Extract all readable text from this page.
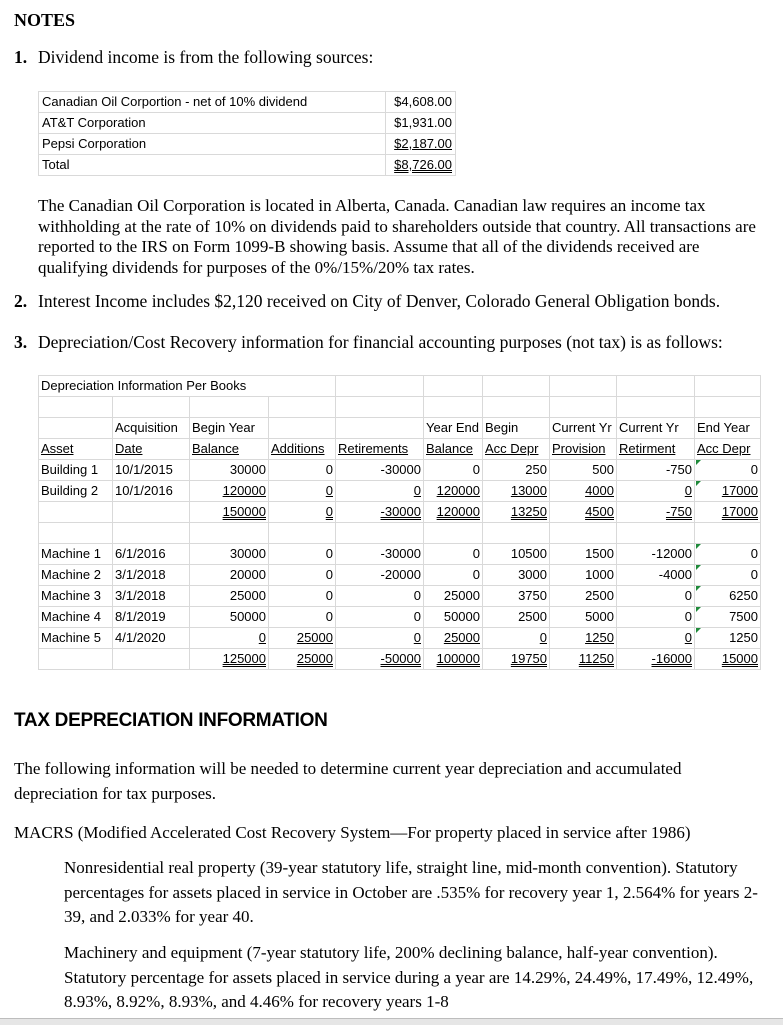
NOTES
1. Dividend income is from the following sources:
Canadian Oil Corportion - net of 10% dividend	$4,608.00
AT&T Corporation	$1,931.00
Pepsi Corporation	$2,187.00
Total	$8,726.00
The Canadian Oil Corporation is located in Alberta, Canada. Canadian law requires an income tax withholding at the rate of 10% on dividends paid to shareholders outside that country. All transactions are reported to the IRS on Form 1099-B showing basis. Assume that all of the dividends received are qualifying dividends for purposes of the 0%/15%/20% tax rates.
2. Interest Income includes $2,120 received on City of Denver, Colorado General Obligation bonds.
3. Depreciation/Cost Recovery information for financial accounting purposes (not tax) is as follows:
Depreciation Information Per Books									

	Acquisition	Begin Year			Year End	Begin	Current Yr	Current Yr	End Year
Asset	Date	Balance	Additions	Retirements	Balance	Acc Depr	Provision	Retirment	Acc Depr
Building 1	10/1/2015	30000	0	-30000	0	250	500	-750	0
Building 2	10/1/2016	120000	0	0	120000	13000	4000	0	17000
		150000	0	-30000	120000	13250	4500	-750	17000

Machine 1	6/1/2016	30000	0	-30000	0	10500	1500	-12000	0
Machine 2	3/1/2018	20000	0	-20000	0	3000	1000	-4000	0
Machine 3	3/1/2018	25000	0	0	25000	3750	2500	0	6250
Machine 4	8/1/2019	50000	0	0	50000	2500	5000	0	7500
Machine 5	4/1/2020	0	25000	0	25000	0	1250	0	1250
		125000	25000	-50000	100000	19750	11250	-16000	15000
TAX DEPRECIATION INFORMATION
The following information will be needed to determine current year depreciation and accumulated depreciation for tax purposes.
MACRS (Modified Accelerated Cost Recovery System—For property placed in service after 1986)
Nonresidential real property (39-year statutory life, straight line, mid-month convention). Statutory percentages for assets placed in service in October are .535% for recovery year 1, 2.564% for years 2-39, and 2.033% for year 40.
Machinery and equipment (7-year statutory life, 200% declining balance, half-year convention). Statutory percentage for assets placed in service during a year are 14.29%, 24.49%, 17.49%, 12.49%, 8.93%, 8.92%, 8.93%, and 4.46% for recovery years 1-8
